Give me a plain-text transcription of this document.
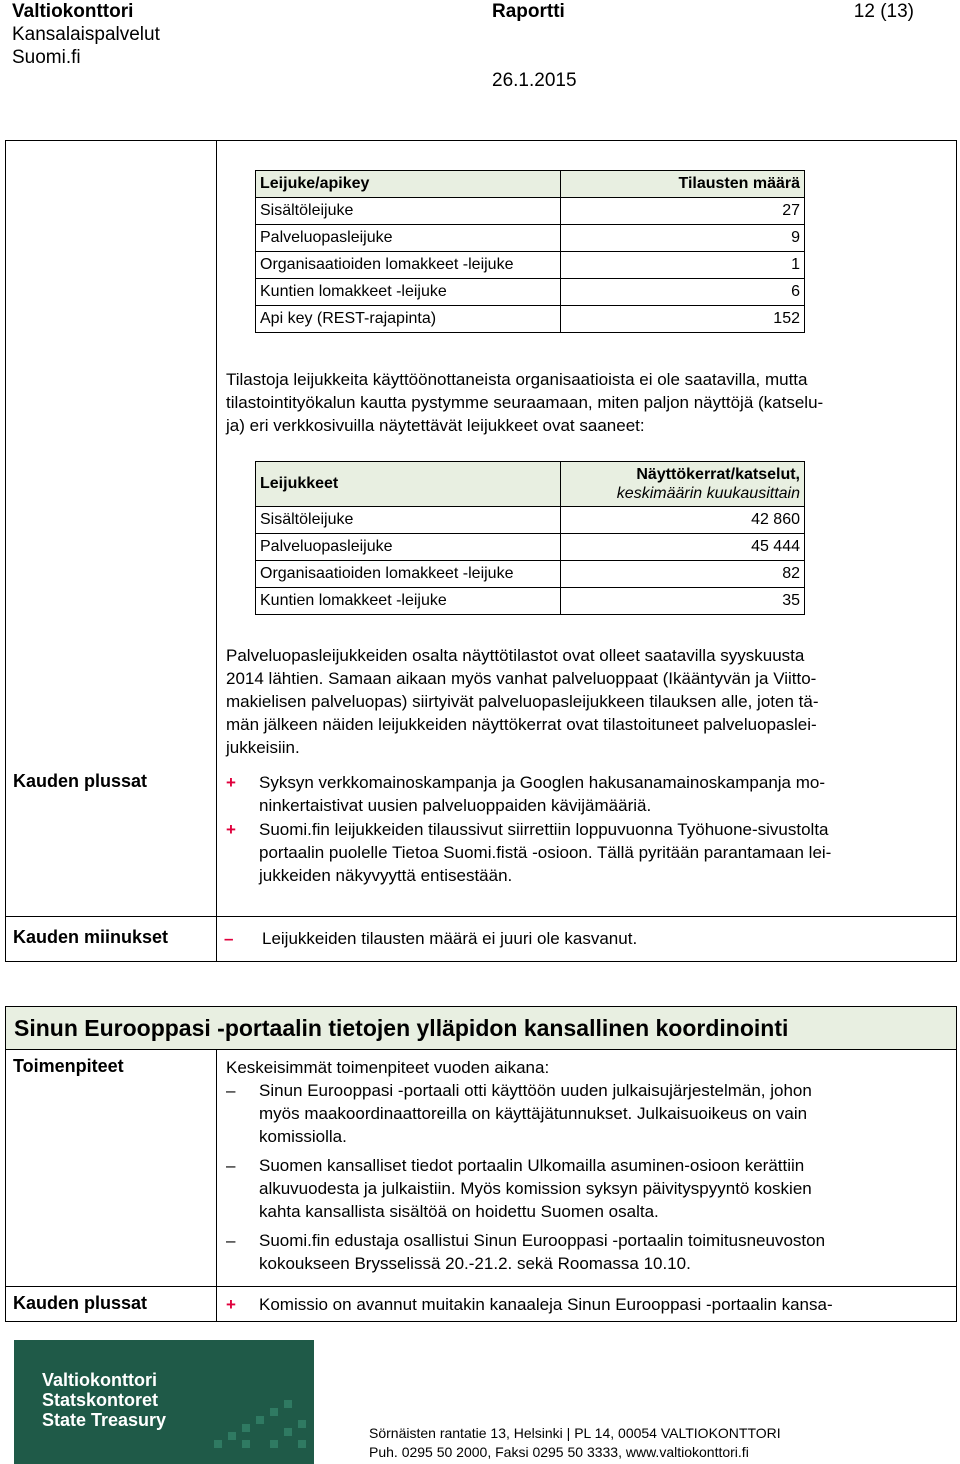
Valtiokonttori
Kansalaispalvelut
Suomi.fi
Raportti	12 (13)
26.1.2015
Leijuke/apikey	Tilausten määrä
Sisältöleijuke	27
Palveluopasleijuke	9
Organisaatioiden lomakkeet -leijuke	1
Kuntien lomakkeet -leijuke	6
Api key (REST-rajapinta)	152
Tilastoja leijukkeita käyttöönottaneista organisaatioista ei ole saatavilla, mutta
tilastointityökalun kautta pystymme seuraamaan, miten paljon näyttöjä (katselu-
ja) eri verkkosivuilla näytettävät leijukkeet ovat saaneet:
Leijukkeet	Näyttökerrat/katselut,
keskimäärin kuukausittain

Sisältöleijuke	42 860
Palveluopasleijuke	45 444
Organisaatioiden lomakkeet -leijuke	82
Kuntien lomakkeet -leijuke	35
Palveluopasleijukkeiden osalta näyttötilastot ovat olleet saatavilla syyskuusta
2014 lähtien. Samaan aikaan myös vanhat palveluoppaat (Ikääntyvän ja Viitto-
makielisen palveluopas) siirtyivät palveluopasleijukkeen tilauksen alle, joten tä-
män jälkeen näiden leijukkeiden näyttökerrat ovat tilastoituneet palveluopaslei-
jukkeisiin.
Kauden plussat	+ Syksyn verkkomainoskampanja ja Googlen hakusanamainoskampanja mo-
ninkertaistivat uusien palveluoppaiden kävijämääriä.
+ Suomi.fin leijukkeiden tilaussivut siirrettiin loppuvuonna Työhuone-sivustolta
portaalin puolelle Tietoa Suomi.fistä -osioon. Tällä pyritään parantamaan lei-
jukkeiden näkyvyyttä entisestään.
Kauden miinukset	– Leijukkeiden tilausten määrä ei juuri ole kasvanut.
Sinun Eurooppasi -portaalin tietojen ylläpidon kansallinen koordinointi
Toimenpiteet	Keskeisimmät toimenpiteet vuoden aikana:
– Sinun Eurooppasi -portaali otti käyttöön uuden julkaisujärjestelmän, johon
myös maakoordinaattoreilla on käyttäjätunnukset. Julkaisuoikeus on vain
komissiolla.
– Suomen kansalliset tiedot portaalin Ulkomailla asuminen-osioon kerättiin
alkuvuodesta ja julkaistiin. Myös komission syksyn päivityspyyntö koskien
kahta kansallista sisältöä on hoidettu Suomen osalta.
– Suomi.fin edustaja osallistui Sinun Eurooppasi -portaalin toimitusneuvoston
kokoukseen Brysselissä 20.-21.2. sekä Roomassa 10.10.
Kauden plussat	+ Komissio on avannut muitakin kanaaleja Sinun Eurooppasi -portaalin kansa-
Valtiokonttori
Statskontoret
State Treasury
Sörnäisten rantatie 13, Helsinki | PL 14, 00054 VALTIOKONTTORI
Puh. 0295 50 2000, Faksi 0295 50 3333, www.valtiokonttori.fi
